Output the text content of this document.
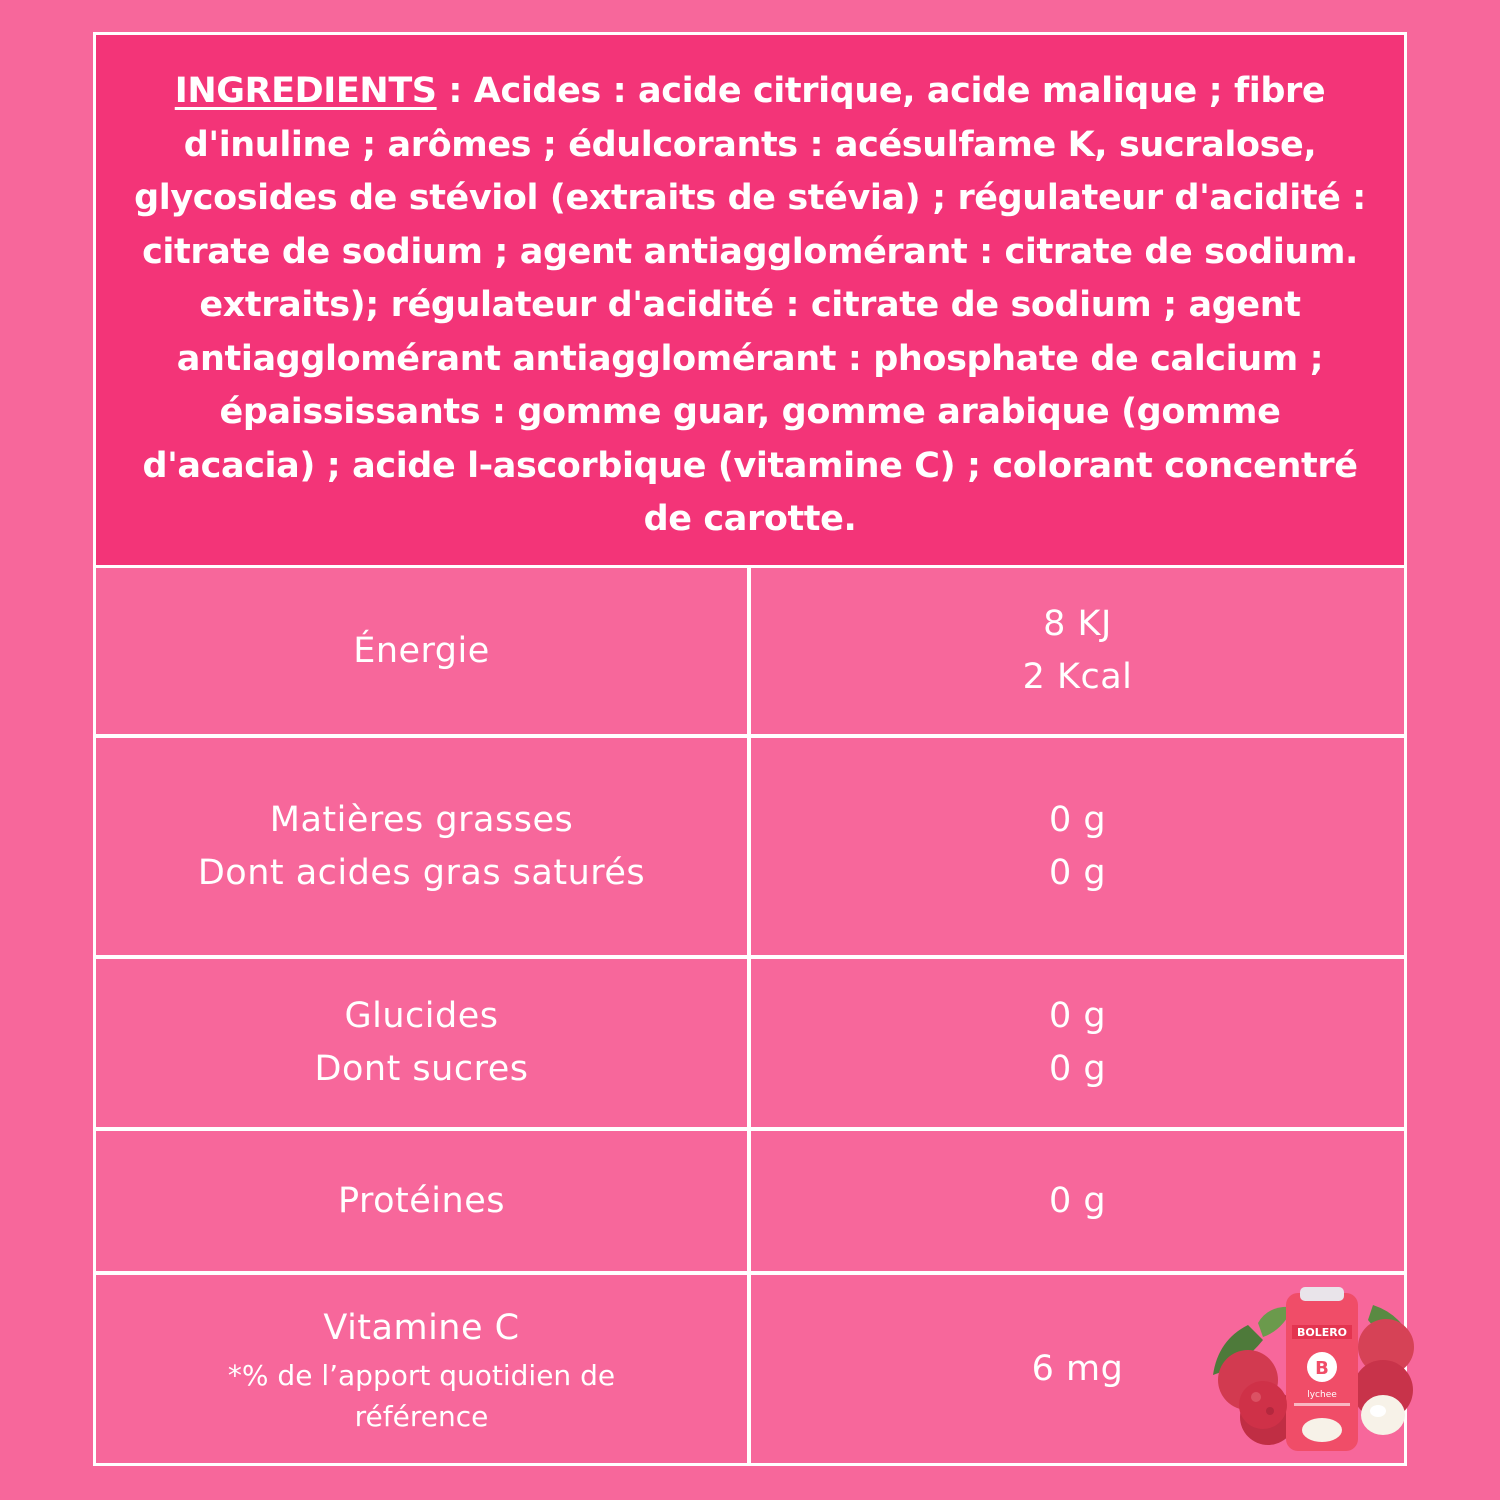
INGREDIENTS : Acides : acide citrique, acide malique ; fibre
d'inuline ; arômes ; édulcorants : acésulfame K, sucralose,
glycosides de stéviol (extraits de stévia) ; régulateur d'acidité :
citrate de sodium ; agent antiagglomérant : citrate de sodium.
extraits); régulateur d'acidité : citrate de sodium ; agent
antiaggloméran﻿t antiagglomérant : phosphate de calcium ;
épaississants : gomme guar, gomme arabique (gomme
d'acacia) ; acide l-ascorbique (vitamine C) ; colorant concentré
de carotte.
Énergie
8 KJ
2 Kcal
Matières grasses
Dont acides gras saturés
0 g
0 g
Glucides
Dont sucres
0 g
0 g
Protéines	0 g
Vitamine C
*% de l’apport quotidien de
référence
6 mg
BOLERO
B
lychee
